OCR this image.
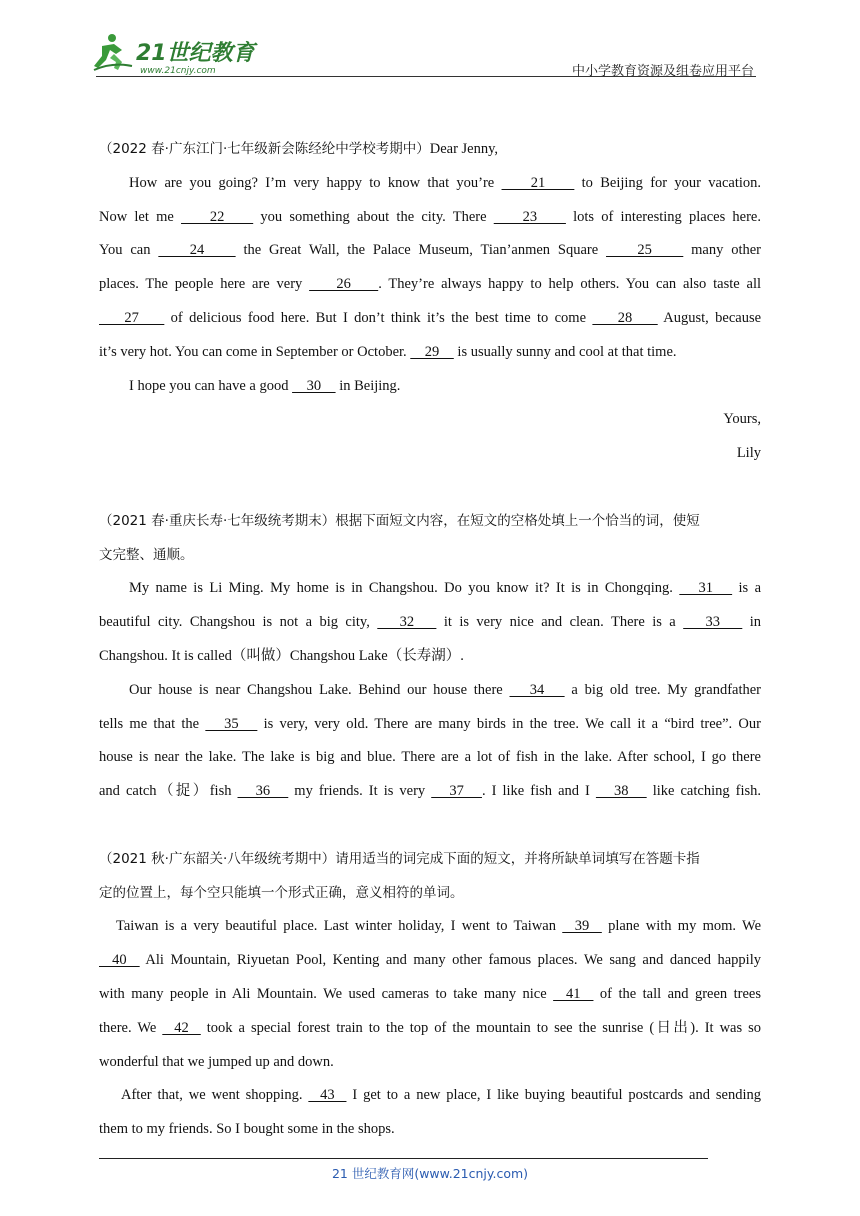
21世纪教育
www.21cnjy.com	中小学教育资源及组卷应用平台
（2022 春·广东江门·七年级新会陈经纶中学校考期中）Dear Jenny,
How are you going? I’m very happy to know that you’re     21     to Beijing for your vacation.
Now let me     22     you something about the city. There     23     lots of interesting places here.
You can     24     the Great Wall, the Palace Museum, Tian’anmen Square     25     many other
places. The people here are very     26    . They’re always happy to help others. You can also taste all
27     of delicious food here. But I don’t think it’s the best time to come     28     August, because
it’s very hot. You can come in September or October.     29     is usually sunny and cool at that time.
I hope you can have a good     30     in Beijing.
Yours,
Lily
（2021 春·重庆长寿·七年级统考期末）根据下面短文内容，在短文的空格处填上一个恰当的词，使短
文完整、通顺。
My name is Li Ming. My home is in Changshou. Do you know it? It is in Chongqing.    31    is a
beautiful city. Changshou is not a big city,    32    it is very nice and clean. There is a    33    in
Changshou. It is called（叫做）Changshou Lake（长寿湖）.
Our house is near Changshou Lake. Behind our house there    34    a big old tree. My grandfather
tells me that the    35    is very, very old. There are many birds in the tree. We call it a “bird tree”. Our
house is near the lake. The lake is big and blue. There are a lot of fish in the lake. After school, I go there
and catch（捉）fish    36    my friends. It is very    37   . I like fish and I    38    like catching fish.
（2021 秋·广东韶关·八年级统考期中）请用适当的词完成下面的短文，并将所缺单词填写在答题卡指
定的位置上，每个空只能填一个形式正确，意义相符的单词。
Taiwan is a very beautiful place. Last winter holiday, I went to Taiwan   39   plane with my mom. We
40   Ali Mountain, Riyuetan Pool, Kenting and many other famous places. We sang and danced happily
with many people in Ali Mountain. We used cameras to take many nice   41   of the tall and green trees
there. We   42   took a special forest train to the top of the mountain to see the sunrise (日出). It was so
wonderful that we jumped up and down.
After that, we went shopping.   43   I get to a new place, I like buying beautiful postcards and sending
them to my friends. So I bought some in the shops.
21 世纪教育网(www.21cnjy.com)
